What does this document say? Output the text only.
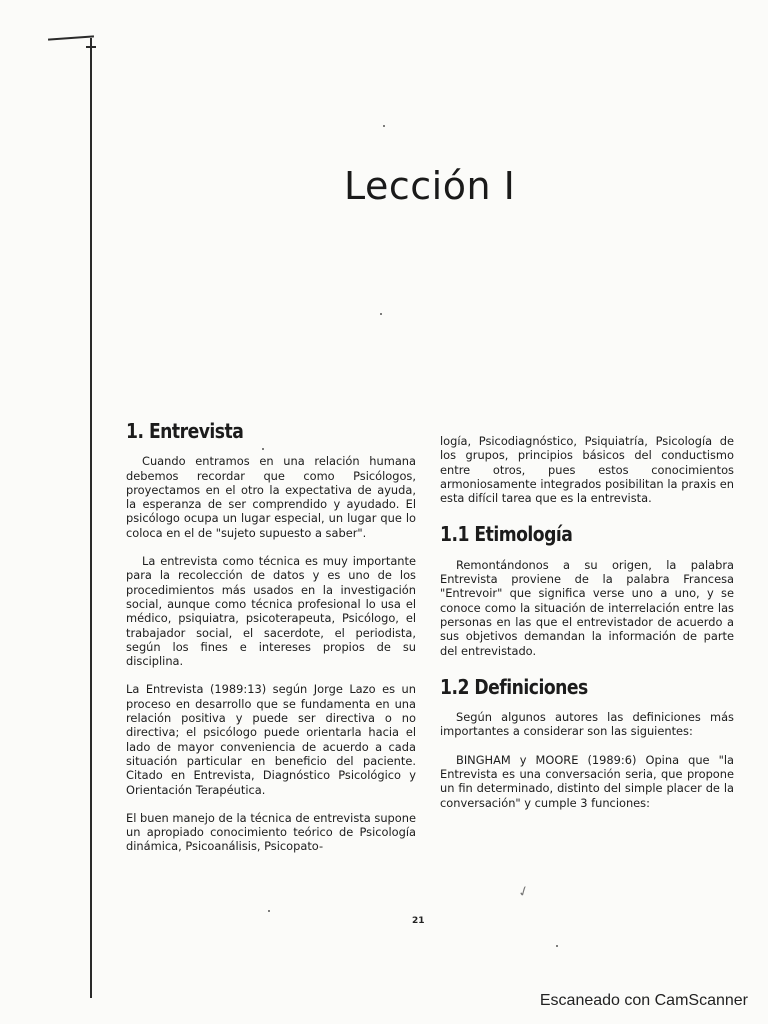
Lección I
1. Entrevista

Cuando entramos en una relación humana debemos recordar que como Psicólogos, proyectamos en el otro la expectativa de ayuda, la esperanza de ser comprendido y ayudado. El psicólogo ocupa un lugar especial, un lugar que lo coloca en el de "sujeto supuesto a saber".

La entrevista como técnica es muy importante para la recolección de datos y es uno de los procedimientos más usados en la investigación social, aunque como técnica profesional lo usa el médico, psiquiatra, psicoterapeuta, Psicólogo, el trabajador social, el sacerdote, el periodista, según los fines e intereses propios de su disciplina.

La Entrevista (1989:13) según Jorge Lazo es un proceso en desarrollo que se fundamenta en una relación positiva y puede ser directiva o no directiva; el psicólogo puede orientarla hacia el lado de mayor conveniencia de acuerdo a cada situación particular en beneficio del paciente. Citado en Entrevista, Diagnóstico Psicológico y Orientación Terapéutica.

El buen manejo de la técnica de entrevista supone un apropiado conocimiento teórico de Psicología dinámica, Psicoanálisis, Psicopato-

logía, Psicodiagnóstico, Psiquiatría, Psicología de los grupos, principios básicos del conductismo entre otros, pues estos conocimientos armoniosamente integrados posibilitan la praxis en esta difícil tarea que es la entrevista.

1.1 Etimología

Remontándonos a su origen, la palabra Entrevista proviene de la palabra Francesa "Entrevoir" que significa verse uno a uno, y se conoce como la situación de interrelación entre las personas en las que el entrevistador de acuerdo a sus objetivos demandan la información de parte del entrevistado.

1.2 Definiciones

Según algunos autores las definiciones más importantes a considerar son las siguientes:

BINGHAM y MOORE (1989:6) Opina que "la Entrevista es una conversación seria, que propone un fin determinado, distinto del simple placer de la conversación" y cumple 3 funciones:

✓
21
Escaneado con CamScanner
